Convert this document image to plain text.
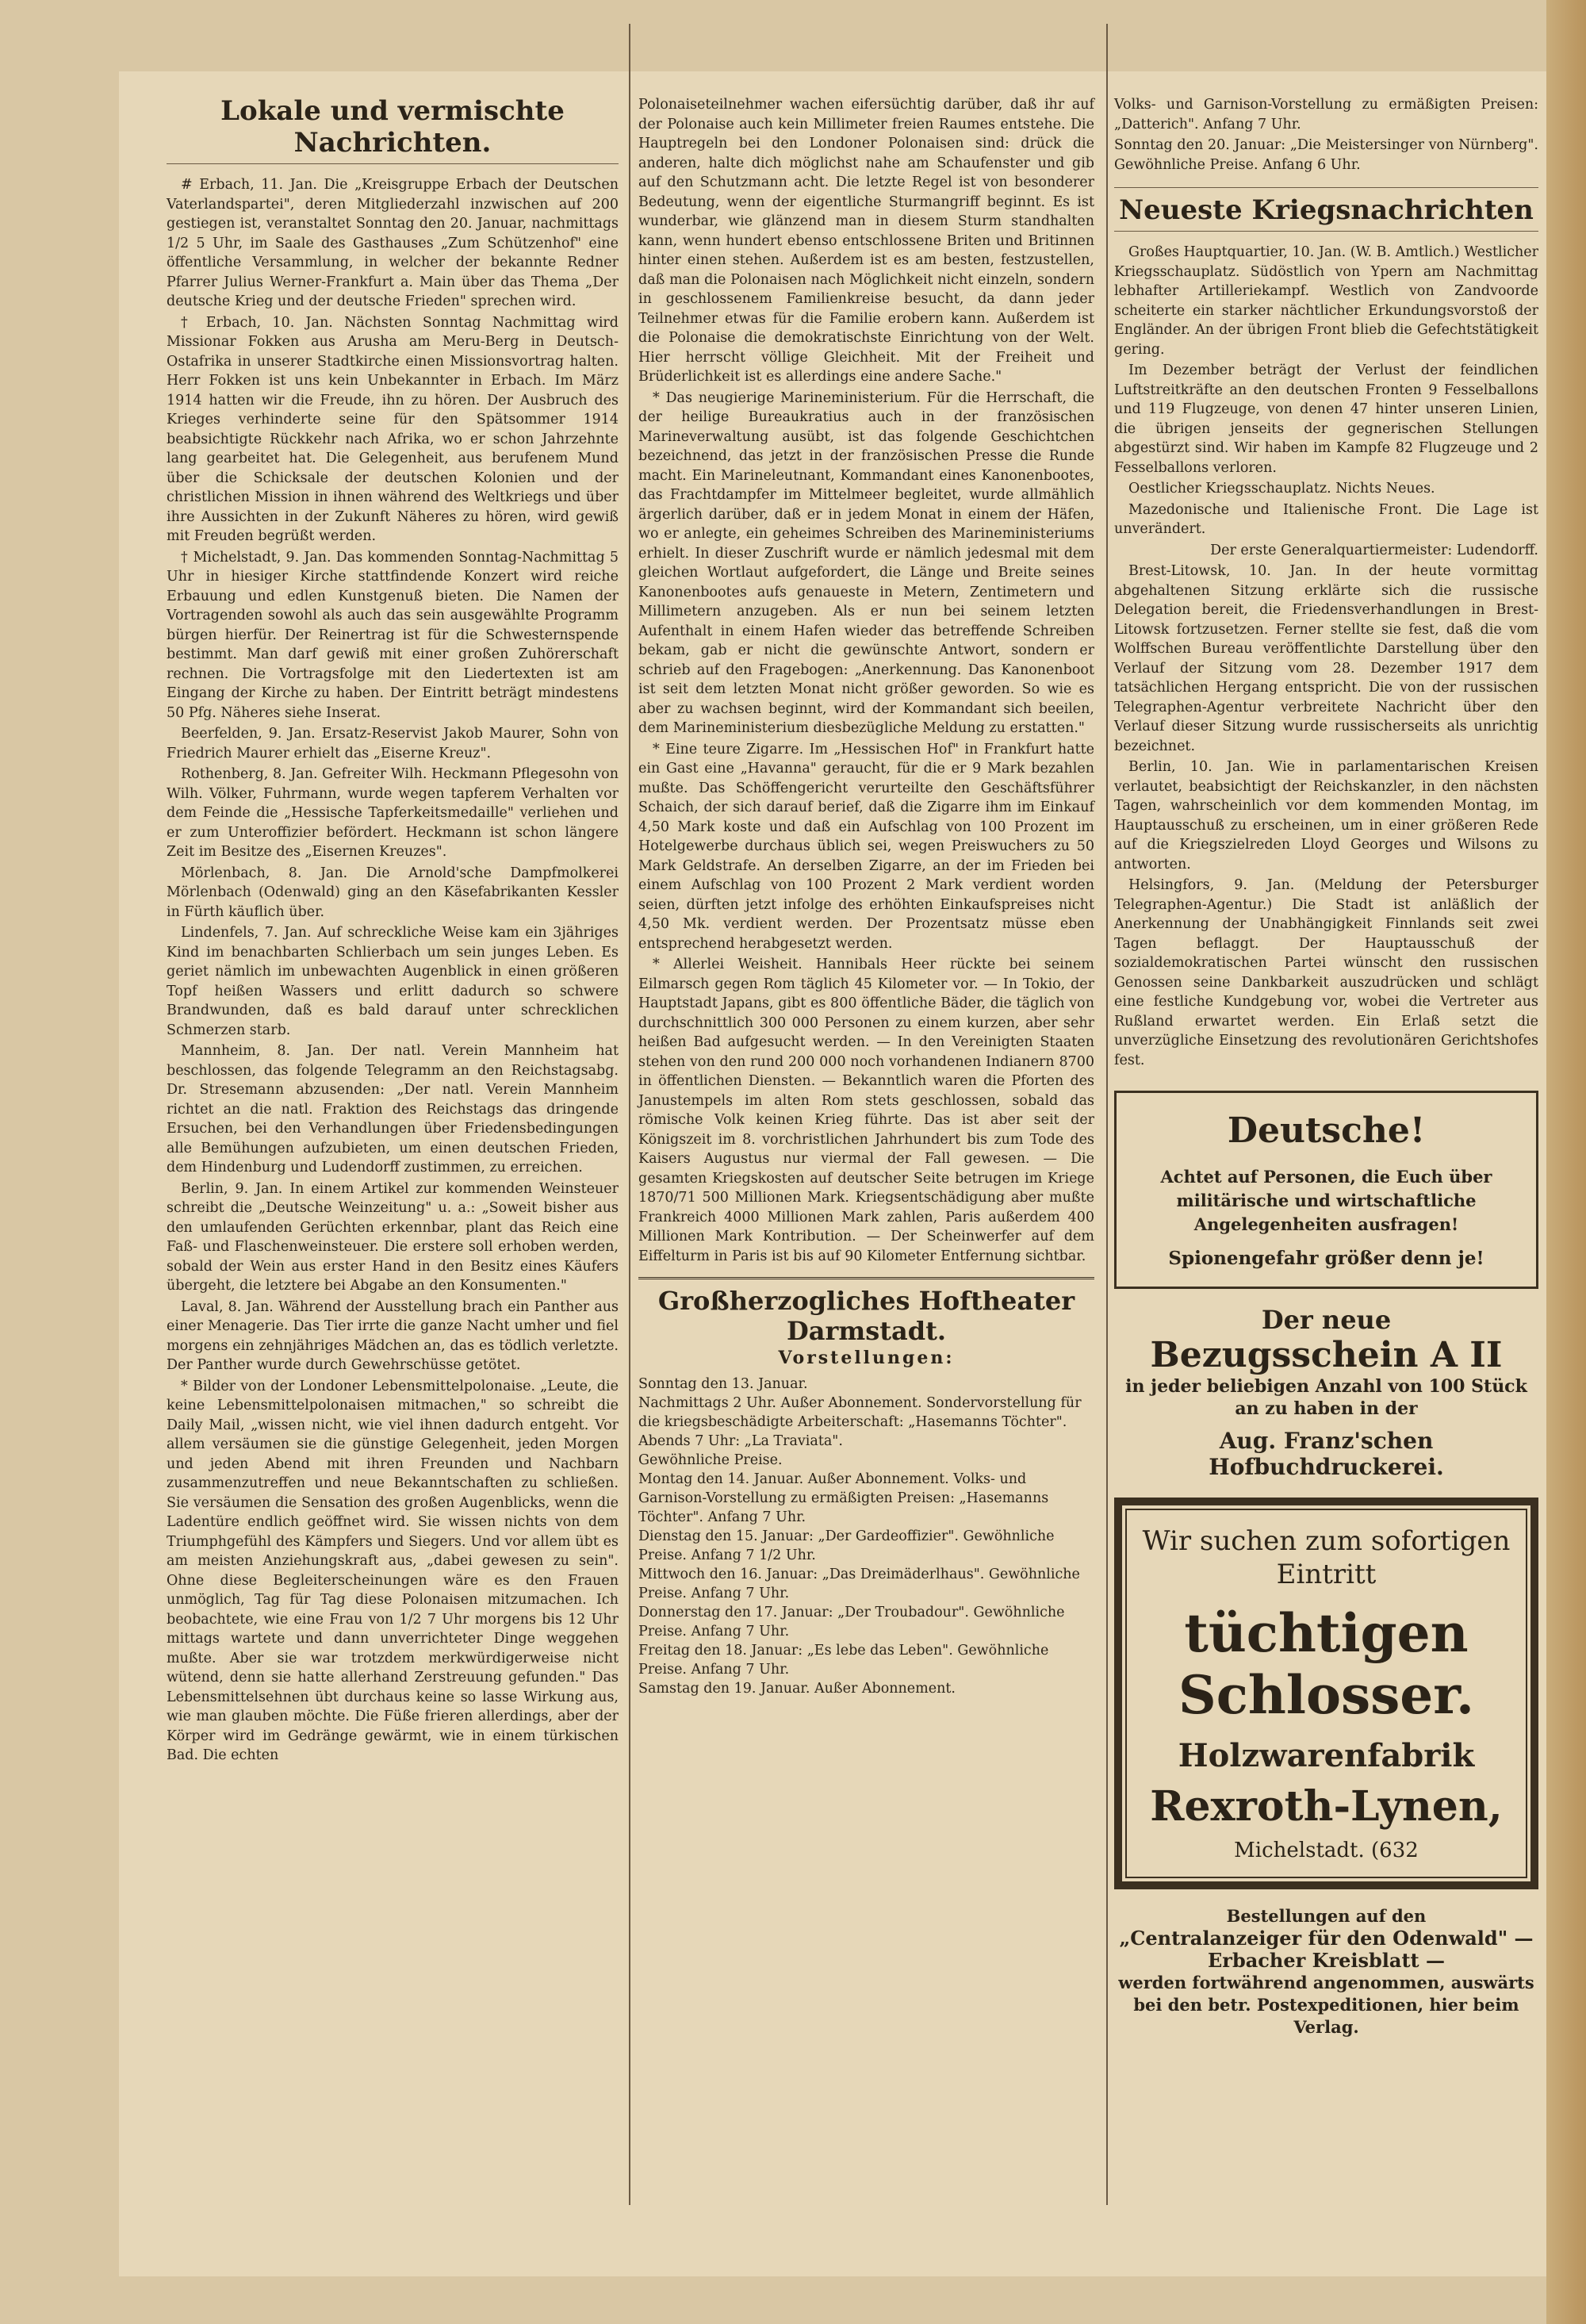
Lokale und vermischte Nachrichten.

# Erbach, 11. Jan. Die „Kreisgruppe Erbach der Deutschen Vaterlandspartei", deren Mitgliederzahl inzwischen auf 200 gestiegen ist, veranstaltet Sonntag den 20. Januar, nachmittags 1/2 5 Uhr, im Saale des Gasthauses „Zum Schützenhof" eine öffentliche Versammlung, in welcher der bekannte Redner Pfarrer Julius Werner-Frankfurt a. Main über das Thema „Der deutsche Krieg und der deutsche Frieden" sprechen wird.

† Erbach, 10. Jan. Nächsten Sonntag Nachmittag wird Missionar Fokken aus Arusha am Meru-Berg in Deutsch-Ostafrika in unserer Stadtkirche einen Missionsvortrag halten. Herr Fokken ist uns kein Unbekannter in Erbach. Im März 1914 hatten wir die Freude, ihn zu hören. Der Ausbruch des Krieges verhinderte seine für den Spätsommer 1914 beabsichtigte Rückkehr nach Afrika, wo er schon Jahrzehnte lang gearbeitet hat. Die Gelegenheit, aus berufenem Mund über die Schicksale der deutschen Kolonien und der christlichen Mission in ihnen während des Weltkriegs und über ihre Aussichten in der Zukunft Näheres zu hören, wird gewiß mit Freuden begrüßt werden.

† Michelstadt, 9. Jan. Das kommenden Sonntag-Nachmittag 5 Uhr in hiesiger Kirche stattfindende Konzert wird reiche Erbauung und edlen Kunstgenuß bieten. Die Namen der Vortragenden sowohl als auch das sein ausgewählte Programm bürgen hierfür. Der Reinertrag ist für die Schwesternspende bestimmt. Man darf gewiß mit einer großen Zuhörerschaft rechnen. Die Vortragsfolge mit den Liedertexten ist am Eingang der Kirche zu haben. Der Eintritt beträgt mindestens 50 Pfg. Näheres siehe Inserat.

Beerfelden, 9. Jan. Ersatz-Reservist Jakob Maurer, Sohn von Friedrich Maurer erhielt das „Eiserne Kreuz".

Rothenberg, 8. Jan. Gefreiter Wilh. Heckmann Pflegesohn von Wilh. Völker, Fuhrmann, wurde wegen tapferem Verhalten vor dem Feinde die „Hessische Tapferkeitsmedaille" verliehen und er zum Unteroffizier befördert. Heckmann ist schon längere Zeit im Besitze des „Eisernen Kreuzes".

Mörlenbach, 8. Jan. Die Arnold'sche Dampfmolkerei Mörlenbach (Odenwald) ging an den Käsefabrikanten Kessler in Fürth käuflich über.

Lindenfels, 7. Jan. Auf schreckliche Weise kam ein 3jähriges Kind im benachbarten Schlierbach um sein junges Leben. Es geriet nämlich im unbewachten Augenblick in einen größeren Topf heißen Wassers und erlitt dadurch so schwere Brandwunden, daß es bald darauf unter schrecklichen Schmerzen starb.

Mannheim, 8. Jan. Der natl. Verein Mannheim hat beschlossen, das folgende Telegramm an den Reichstagsabg. Dr. Stresemann abzusenden: „Der natl. Verein Mannheim richtet an die natl. Fraktion des Reichstags das dringende Ersuchen, bei den Verhandlungen über Friedensbedingungen alle Bemühungen aufzubieten, um einen deutschen Frieden, dem Hindenburg und Ludendorff zustimmen, zu erreichen.

Berlin, 9. Jan. In einem Artikel zur kommenden Weinsteuer schreibt die „Deutsche Weinzeitung" u. a.: „Soweit bisher aus den umlaufenden Gerüchten erkennbar, plant das Reich eine Faß- und Flaschenweinsteuer. Die erstere soll erhoben werden, sobald der Wein aus erster Hand in den Besitz eines Käufers übergeht, die letztere bei Abgabe an den Konsumenten."

Laval, 8. Jan. Während der Ausstellung brach ein Panther aus einer Menagerie. Das Tier irrte die ganze Nacht umher und fiel morgens ein zehnjähriges Mädchen an, das es tödlich verletzte. Der Panther wurde durch Gewehrschüsse getötet.

* Bilder von der Londoner Lebensmittelpolonaise. „Leute, die keine Lebensmittelpolonaisen mitmachen," so schreibt die Daily Mail, „wissen nicht, wie viel ihnen dadurch entgeht. Vor allem versäumen sie die günstige Gelegenheit, jeden Morgen und jeden Abend mit ihren Freunden und Nachbarn zusammenzutreffen und neue Bekanntschaften zu schließen. Sie versäumen die Sensation des großen Augenblicks, wenn die Ladentüre endlich geöffnet wird. Sie wissen nichts von dem Triumphgefühl des Kämpfers und Siegers. Und vor allem übt es am meisten Anziehungskraft aus, „dabei gewesen zu sein". Ohne diese Begleiterscheinungen wäre es den Frauen unmöglich, Tag für Tag diese Polonaisen mitzumachen. Ich beobachtete, wie eine Frau von 1/2 7 Uhr morgens bis 12 Uhr mittags wartete und dann unverrichteter Dinge weggehen mußte. Aber sie war trotzdem merkwürdigerweise nicht wütend, denn sie hatte allerhand Zerstreuung gefunden." Das Lebensmittelsehnen übt durchaus keine so lasse Wirkung aus, wie man glauben möchte. Die Füße frieren allerdings, aber der Körper wird im Gedränge gewärmt, wie in einem türkischen Bad. Die echten

Polonaiseteilnehmer wachen eifersüchtig darüber, daß ihr auf der Polonaise auch kein Millimeter freien Raumes entstehe. Die Hauptregeln bei den Londoner Polonaisen sind: drück die anderen, halte dich möglichst nahe am Schaufenster und gib auf den Schutzmann acht. Die letzte Regel ist von besonderer Bedeutung, wenn der eigentliche Sturmangriff beginnt. Es ist wunderbar, wie glänzend man in diesem Sturm standhalten kann, wenn hundert ebenso entschlossene Briten und Britinnen hinter einen stehen. Außerdem ist es am besten, festzustellen, daß man die Polonaisen nach Möglichkeit nicht einzeln, sondern in geschlossenem Familienkreise besucht, da dann jeder Teilnehmer etwas für die Familie erobern kann. Außerdem ist die Polonaise die demokratischste Einrichtung von der Welt. Hier herrscht völlige Gleichheit. Mit der Freiheit und Brüderlichkeit ist es allerdings eine andere Sache."

* Das neugierige Marineministerium. Für die Herrschaft, die der heilige Bureaukratius auch in der französischen Marineverwaltung ausübt, ist das folgende Geschichtchen bezeichnend, das jetzt in der französischen Presse die Runde macht. Ein Marineleutnant, Kommandant eines Kanonenbootes, das Frachtdampfer im Mittelmeer begleitet, wurde allmählich ärgerlich darüber, daß er in jedem Monat in einem der Häfen, wo er anlegte, ein geheimes Schreiben des Marineministeriums erhielt. In dieser Zuschrift wurde er nämlich jedesmal mit dem gleichen Wortlaut aufgefordert, die Länge und Breite seines Kanonenbootes aufs genaueste in Metern, Zentimetern und Millimetern anzugeben. Als er nun bei seinem letzten Aufenthalt in einem Hafen wieder das betreffende Schreiben bekam, gab er nicht die gewünschte Antwort, sondern er schrieb auf den Fragebogen: „Anerkennung. Das Kanonenboot ist seit dem letzten Monat nicht größer geworden. So wie es aber zu wachsen beginnt, wird der Kommandant sich beeilen, dem Marineministerium diesbezügliche Meldung zu erstatten."

* Eine teure Zigarre. Im „Hessischen Hof" in Frankfurt hatte ein Gast eine „Havanna" geraucht, für die er 9 Mark bezahlen mußte. Das Schöffengericht verurteilte den Geschäftsführer Schaich, der sich darauf berief, daß die Zigarre ihm im Einkauf 4,50 Mark koste und daß ein Aufschlag von 100 Prozent im Hotelgewerbe durchaus üblich sei, wegen Preiswuchers zu 50 Mark Geldstrafe. An derselben Zigarre, an der im Frieden bei einem Aufschlag von 100 Prozent 2 Mark verdient worden seien, dürften jetzt infolge des erhöhten Einkaufspreises nicht 4,50 Mk. verdient werden. Der Prozentsatz müsse eben entsprechend herabgesetzt werden.

* Allerlei Weisheit. Hannibals Heer rückte bei seinem Eilmarsch gegen Rom täglich 45 Kilometer vor. — In Tokio, der Hauptstadt Japans, gibt es 800 öffentliche Bäder, die täglich von durchschnittlich 300 000 Personen zu einem kurzen, aber sehr heißen Bad aufgesucht werden. — In den Vereinigten Staaten stehen von den rund 200 000 noch vorhandenen Indianern 8700 in öffentlichen Diensten. — Bekanntlich waren die Pforten des Janustempels im alten Rom stets geschlossen, sobald das römische Volk keinen Krieg führte. Das ist aber seit der Königszeit im 8. vorchristlichen Jahrhundert bis zum Tode des Kaisers Augustus nur viermal der Fall gewesen. — Die gesamten Kriegskosten auf deutscher Seite betrugen im Kriege 1870/71 500 Millionen Mark. Kriegsentschädigung aber mußte Frankreich 4000 Millionen Mark zahlen, Paris außerdem 400 Millionen Mark Kontribution. — Der Scheinwerfer auf dem Eiffelturm in Paris ist bis auf 90 Kilometer Entfernung sichtbar.

Großherzogliches Hoftheater Darmstadt.
Vorstellungen:

Sonntag den 13. Januar.

Nachmittags 2 Uhr. Außer Abonnement. Sondervorstellung für die kriegsbeschädigte Arbeiterschaft: „Hasemanns Töchter".

Abends 7 Uhr: „La Traviata".

Gewöhnliche Preise.

Montag den 14. Januar. Außer Abonnement. Volks- und Garnison-Vorstellung zu ermäßigten Preisen: „Hasemanns Töchter". Anfang 7 Uhr.

Dienstag den 15. Januar: „Der Gardeoffizier". Gewöhnliche Preise. Anfang 7 1/2 Uhr.

Mittwoch den 16. Januar: „Das Dreimäderlhaus". Gewöhnliche Preise. Anfang 7 Uhr.

Donnerstag den 17. Januar: „Der Troubadour". Gewöhnliche Preise. Anfang 7 Uhr.

Freitag den 18. Januar: „Es lebe das Leben". Gewöhnliche Preise. Anfang 7 Uhr.

Samstag den 19. Januar. Außer Abonnement.

Volks- und Garnison-Vorstellung zu ermäßigten Preisen: „Datterich". Anfang 7 Uhr.

Sonntag den 20. Januar: „Die Meistersinger von Nürnberg". Gewöhnliche Preise. Anfang 6 Uhr.

Neueste Kriegsnachrichten

Großes Hauptquartier, 10. Jan. (W. B. Amtlich.) Westlicher Kriegsschauplatz. Südöstlich von Ypern am Nachmittag lebhafter Artilleriekampf. Westlich von Zandvoorde scheiterte ein starker nächtlicher Erkundungsvorstoß der Engländer. An der übrigen Front blieb die Gefechtstätigkeit gering.

Im Dezember beträgt der Verlust der feindlichen Luftstreitkräfte an den deutschen Fronten 9 Fesselballons und 119 Flugzeuge, von denen 47 hinter unseren Linien, die übrigen jenseits der gegnerischen Stellungen abgestürzt sind. Wir haben im Kampfe 82 Flugzeuge und 2 Fesselballons verloren.

Oestlicher Kriegsschauplatz. Nichts Neues.

Mazedonische und Italienische Front. Die Lage ist unverändert.

Der erste Generalquartiermeister: Ludendorff.

Brest-Litowsk, 10. Jan. In der heute vormittag abgehaltenen Sitzung erklärte sich die russische Delegation bereit, die Friedensverhandlungen in Brest-Litowsk fortzusetzen. Ferner stellte sie fest, daß die vom Wolffschen Bureau veröffentlichte Darstellung über den Verlauf der Sitzung vom 28. Dezember 1917 dem tatsächlichen Hergang entspricht. Die von der russischen Telegraphen-Agentur verbreitete Nachricht über den Verlauf dieser Sitzung wurde russischerseits als unrichtig bezeichnet.

Berlin, 10. Jan. Wie in parlamentarischen Kreisen verlautet, beabsichtigt der Reichskanzler, in den nächsten Tagen, wahrscheinlich vor dem kommenden Montag, im Hauptausschuß zu erscheinen, um in einer größeren Rede auf die Kriegszielreden Lloyd Georges und Wilsons zu antworten.

Helsingfors, 9. Jan. (Meldung der Petersburger Telegraphen-Agentur.) Die Stadt ist anläßlich der Anerkennung der Unabhängigkeit Finnlands seit zwei Tagen beflaggt. Der Hauptausschuß der sozialdemokratischen Partei wünscht den russischen Genossen seine Dankbarkeit auszudrücken und schlägt eine festliche Kundgebung vor, wobei die Vertreter aus Rußland erwartet werden. Ein Erlaß setzt die unverzügliche Einsetzung des revolutionären Gerichtshofes fest.

Deutsche!
Achtet auf Personen, die Euch über militärische und wirtschaftliche Angelegenheiten ausfragen!
Spionengefahr größer denn je!
Der neue
Bezugsschein A II
in jeder beliebigen Anzahl von 100 Stück an zu haben in der
Aug. Franz'schen Hofbuchdruckerei.
Wir suchen zum sofortigen Eintritt
tüchtigen Schlosser.
Holzwarenfabrik
Rexroth-Lynen,
Michelstadt. (632
Bestellungen auf den
„Centralanzeiger für den Odenwald" — Erbacher Kreisblatt —
werden fortwährend angenommen, auswärts bei den betr. Postexpeditionen, hier beim Verlag.
